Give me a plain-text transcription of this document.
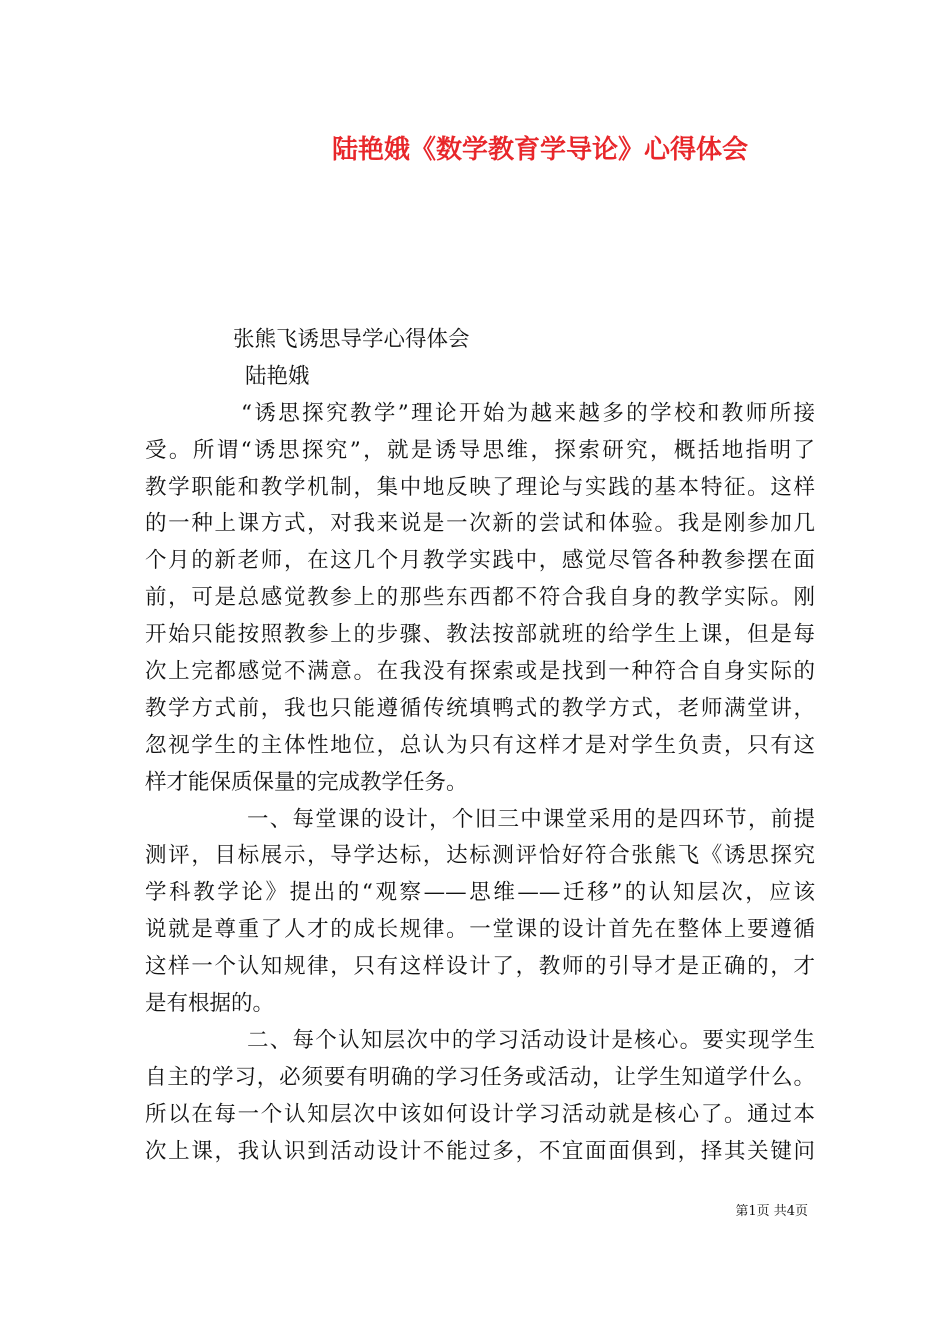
陆艳娥《数学教育学导论》心得体会
张熊飞诱思导学心得体会
陆艳娥
“诱思探究教学”理论开始为越来越多的学校和教师所接
受。所谓“诱思探究”，就是诱导思维，探索研究，概括地指明了
教学职能和教学机制，集中地反映了理论与实践的基本特征。这样
的一种上课方式，对我来说是一次新的尝试和体验。我是刚参加几
个月的新老师，在这几个月教学实践中，感觉尽管各种教参摆在面
前，可是总感觉教参上的那些东西都不符合我自身的教学实际。刚
开始只能按照教参上的步骤、教法按部就班的给学生上课，但是每
次上完都感觉不满意。在我没有探索或是找到一种符合自身实际的
教学方式前，我也只能遵循传统填鸭式的教学方式，老师满堂讲，
忽视学生的主体性地位，总认为只有这样才是对学生负责，只有这
样才能保质保量的完成教学任务。
一、每堂课的设计，个旧三中课堂采用的是四环节，前提
测评，目标展示，导学达标，达标测评恰好符合张熊飞《诱思探究
学科教学论》提出的“观察——思维——迁移”的认知层次，应该
说就是尊重了人才的成长规律。一堂课的设计首先在整体上要遵循
这样一个认知规律，只有这样设计了，教师的引导才是正确的，才
是有根据的。
二、每个认知层次中的学习活动设计是核心。要实现学生
自主的学习，必须要有明确的学习任务或活动，让学生知道学什么。
所以在每一个认知层次中该如何设计学习活动就是核心了。通过本
次上课，我认识到活动设计不能过多，不宜面面俱到，择其关键问
第1页 共4页
